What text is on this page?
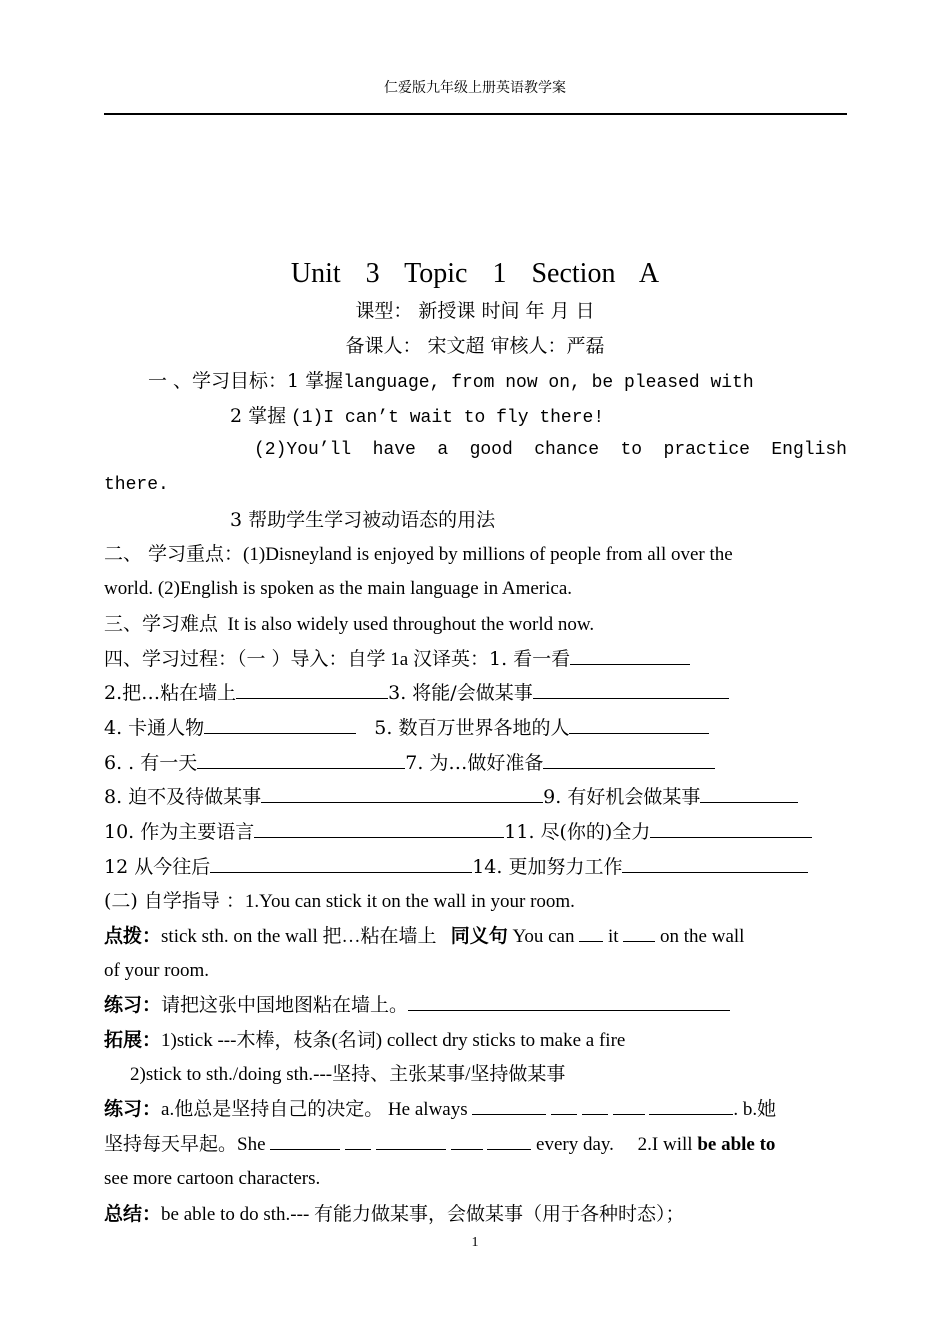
仁爱版九年级上册英语教学案
Unit 3 Topic 1 Section A
课型： 新授课 时间 年 月 日
备课人： 宋文超 审核人：严磊
一 、学习目标：1 掌握language, from now on, be pleased with
2 掌握 (1)I can’t wait to fly there!
(2)You’ll have a good chance to practice English
there.
3 帮助学生学习被动语态的用法
二、 学习重点：(1)Disneyland is enjoyed by millions of people from all over the
world. (2)English is spoken as the main language in America.
三、学习难点 It is also widely used throughout the world now.
四、学习过程：（一 ）导入：自学 1a 汉译英：1. 看一看
2.把…粘在墙上	3. 将能/会做某事
4. 卡通人物	5. 数百万世界各地的人
6. . 有一天	7. 为…做好准备
8. 迫不及待做某事	9. 有好机会做某事
10. 作为主要语言	11. 尽(你的)全力
12 从今往后	14. 更加努力工作
(二) 自学指导 ：1.You can stick it on the wall in your room.
点拨：stick sth. on the wall 把…粘在墙上 同义句 You can it on the wall
of your room.
练习：请把这张中国地图粘在墙上。
拓展：1)stick ---木棒，枝条(名词) collect dry sticks to make a fire
2)stick to sth./doing sth.---坚持、主张某事/坚持做某事
练习：a.他总是坚持自己的决定。 He always	. b.她
坚持每天早起。She	every day. 2.I will be able to
see more cartoon characters.
总结：be able to do sth.--- 有能力做某事，会做某事（用于各种时态）；
1
